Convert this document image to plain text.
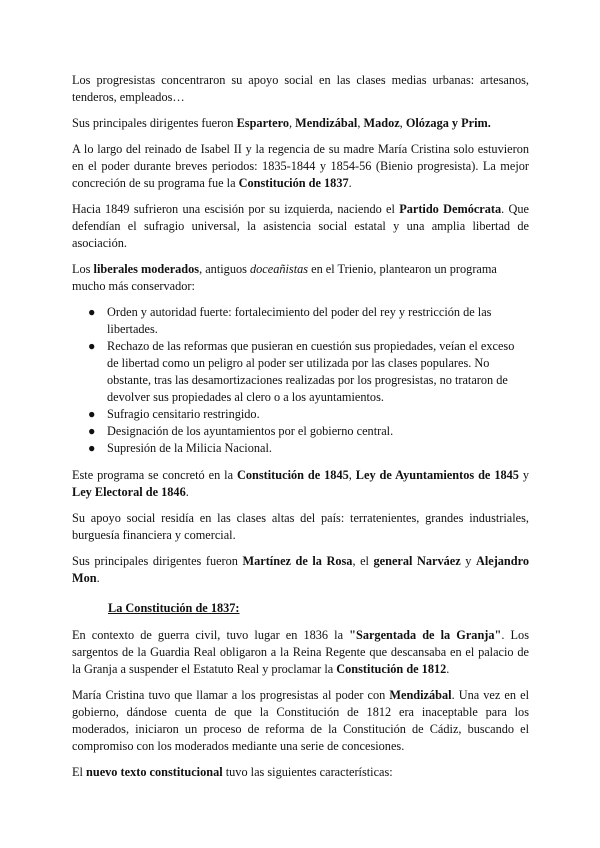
Los progresistas concentraron su apoyo social en las clases medias urbanas: artesanos, tenderos, empleados…

Sus principales dirigentes fueron Espartero, Mendizábal, Madoz, Olózaga y Prim.

A lo largo del reinado de Isabel II y la regencia de su madre María Cristina solo estuvieron en el poder durante breves periodos: 1835-1844 y 1854-56 (Bienio progresista). La mejor concreción de su programa fue la Constitución de 1837.

Hacia 1849 sufrieron una escisión por su izquierda, naciendo el Partido Demócrata. Que defendían el sufragio universal, la asistencia social estatal y una amplia libertad de asociación.

Los liberales moderados, antiguos doceañistas en el Trienio, plantearon un programa mucho más conservador:

● Orden y autoridad fuerte: fortalecimiento del poder del rey y restricción de las libertades.
● Rechazo de las reformas que pusieran en cuestión sus propiedades, veían el exceso de libertad como un peligro al poder ser utilizada por las clases populares. No obstante, tras las desamortizaciones realizadas por los progresistas, no trataron de devolver sus propiedades al clero o a los ayuntamientos.
● Sufragio censitario restringido.
● Designación de los ayuntamientos por el gobierno central.
● Supresión de la Milicia Nacional.

Este programa se concretó en la Constitución de 1845, Ley de Ayuntamientos de 1845 y Ley Electoral de 1846.

Su apoyo social residía en las clases altas del país: terratenientes, grandes industriales, burguesía financiera y comercial.

Sus principales dirigentes fueron Martínez de la Rosa, el general Narváez y Alejandro Mon.

La Constitución de 1837:

En contexto de guerra civil, tuvo lugar en 1836 la "Sargentada de la Granja". Los sargentos de la Guardia Real obligaron a la Reina Regente que descansaba en el palacio de la Granja a suspender el Estatuto Real y proclamar la Constitución de 1812.

María Cristina tuvo que llamar a los progresistas al poder con Mendizábal. Una vez en el gobierno, dándose cuenta de que la Constitución de 1812 era inaceptable para los moderados, iniciaron un proceso de reforma de la Constitución de Cádiz, buscando el compromiso con los moderados mediante una serie de concesiones.

El nuevo texto constitucional tuvo las siguientes características:
